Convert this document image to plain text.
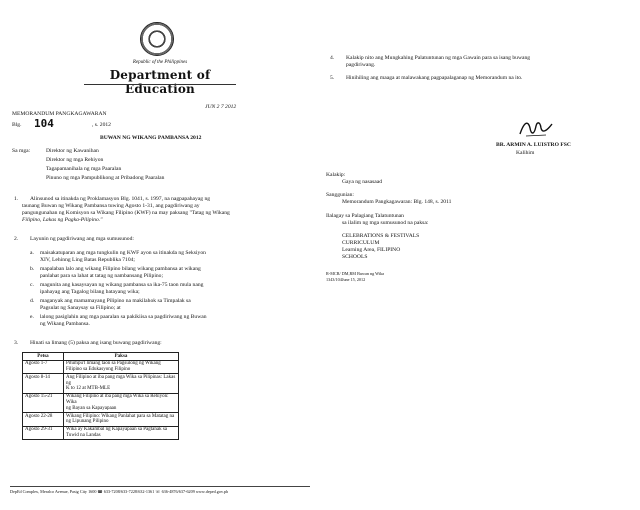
Republic of the Philippines
Department of Education
JUN 2 7 2012
MEMORANDUM PANGKAGAWARAN
Blg. 104	, s. 2012
BUWAN NG WIKANG PAMBANSA 2012
Sa mga:	Direktor ng Kawanihan
Direktor ng mga Rehiyon
Tagapamanihala ng mga Paaralan
Pinuno ng mga Pampublikong at Pribadong Paaralan
1. Alinsunod sa itinakda ng Proklamasyon Blg. 1041, s. 1997, na nagpapahayag ng
taunang Buwan ng Wikang Pambansa tuwing Agosto 1-31, ang pagdiriwang ay
pangungunahan ng Komisyon sa Wikang Filipino (KWF) na may paksang "Tatag ng Wikang
Filipino, Lakas ng Pagka-Pilipino."
2. Layunin ng pagdiriwang ang mga sumusunod:
a. maisakatuparan ang mga tungkulin ng KWF ayon sa itinakda ng Seksiyon
XIV, Lehinng Ling Batas Republika 7104;
b. mapalaban lalo ang wikang Filipino bilang wikang pambansa at wikang
panlahat para sa lahat at tatag ng nambansang Pilipino;
c. magunita ang kasaysayan ng wikang pambansa sa ika-75 taon mula nang
ipahayag ang Tagalog bilang batayang wika;
d. maganyak ang mamamayang Pilipino na makilahok sa Timpalak sa
Pagsulat ng Sanaysay sa Filipino; at
e. lalong pasiglahin ang mga paaralan sa pakikiisa sa pagdiriwang ng Buwan
ng Wikang Pambansa.
3. Hinati sa limang (5) paksa ang isang buwang pagdiriwang:
Petsa	Paksa
Agosto 1-7	Pitumpu't limang taon sa Pagsulong ng Wikang
Filipino sa Edukasyong Filipino
Agosto 8-14	Ang Filipino at iba pang mga Wika sa Pilipinas: Lakas ng
K to 12 at MTB-MLE
Agosto 15-21	Wikang Filipino at iba pang mga Wika sa Rehiyon: Wika
ng Bayan sa Kapayapaan
Agosto 22-28	Wikang Filipino: Wikang Panlahat para sa Matatag na
ng Lipunang Pilipino
Agosto 29-31	Wika ay Kakambal ng Kapayapaan sa Pagtahak sa
Tuwid na Landas
DepEd Complex, Meralco Avenue, Pasig City 1600 ☎ 633-7208/633-7228/632-1361 ☏ 636-4876/637-6209 www.deped.gov.ph
4. Kalakip nito ang Mungkahing Palatuntunan ng mga Gawain para sa isang buwang
pagdiriwang.
5. Hinihiling ang maaga at malawakang pagpapalaganap ng Memorandum na ito.
BR. ARMIN A. LUISTRO FSC
Kalihim
Kalakip:
Gaya ng nasasaad
Sanggunian:
Memorandum Pangkagawaran: Blg. 148, s. 2011
Ilalagay sa Palagiang Talatuntunan
sa ilalim ng mga sumusunod na paksa:
CELEBRATIONS & FESTIVALS
CURRICULUM
Learning Area, FILIPINO
SCHOOLS
R-MCR/ DM,RM Buwan ng Wika
1343/104June 15, 2012
